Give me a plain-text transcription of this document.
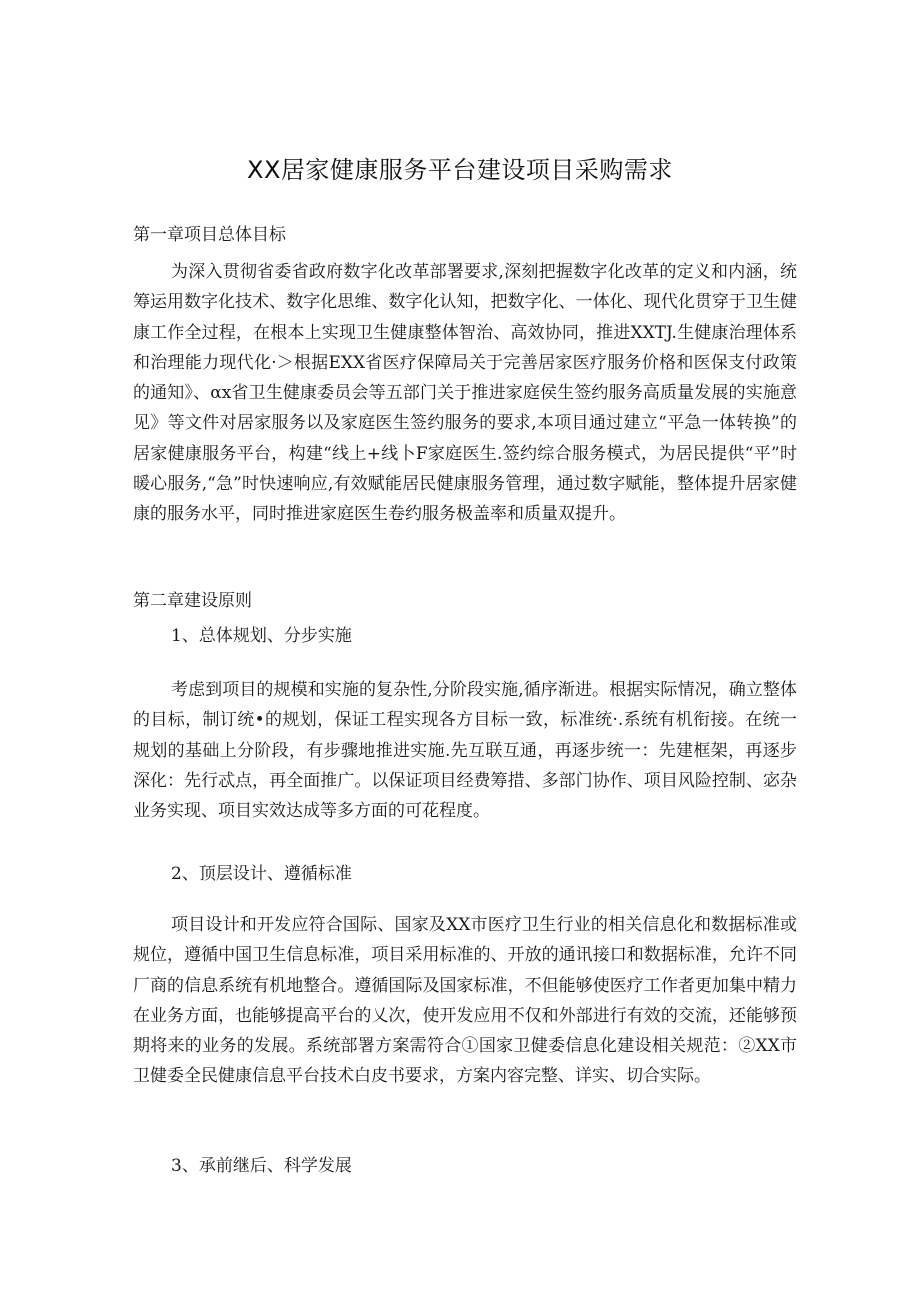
XX居家健康服务平台建设项目采购需求
第一章项目总体目标
为深入贯彻省委省政府数字化改革部署要求,深刻把握数字化改革的定义和内涵，统筹运用数字化技术、数字化思维、数字化认知，把数字化、一体化、现代化贯穿于卫生健康工作全过程，在根本上实现卫生健康整体智治、高效协同，推进XXTJ.生健康治理体系和治理能力现代化·＞根据EXX省医疗保障局关于完善居家医疗服务价格和医保支付政策的通知》、αx省卫生健康委员会等五部门关于推进家庭侯生签约服务高质量发展的实施意见》等文件对居家服务以及家庭医生签约服务的要求,本项目通过建立“平急一体转换”的居家健康服务平台，构建“线上+线卜F家庭医生.签约综合服务模式，为居民提供“平”时暖心服务,“急”时快速响应,有效赋能居民健康服务管理，通过数字赋能，整体提升居家健康的服务水平，同时推进家庭医生卷约服务极盖率和质量双提升。
第二章建设原则
1、总体规划、分步实施
考虑到项目的规模和实施的复杂性,分阶段实施,循序渐进。根据实际情况，确立整体的目标，制订统•的规划，保证工程实现各方目标一致，标准统·.系统有机衔接。在统一规划的基础上分阶段，有步骤地推进实施.先互联互通，再逐步统一：先建框架，再逐步深化：先行忒点，再全面推广。以保证项目经费筹措、多部门协作、项目风险控制、宓杂业务实现、项目实效达成等多方面的可花程度。
2、顶层设计、遵循标准
项目设计和开发应符合国际、国家及XX市医疗卫生行业的相关信息化和数据标准或规位，遵循中国卫生信息标准，项目采用标准的、开放的通讯接口和数据标准，允许不同厂商的信息系统有机地整合。遵循国际及国家标准，不但能够使医疗工作者更加集中精力在业务方面，也能够提高平台的乂次，使开发应用不仅和外部进行有效的交流，还能够预期将来的业务的发展。系统部署方案需符合①国家卫健委信息化建设相关规范：②XX市卫健委全民健康信息平台技术白皮书要求，方案内容完整、详实、切合实际。
3、承前继后、科学发展
